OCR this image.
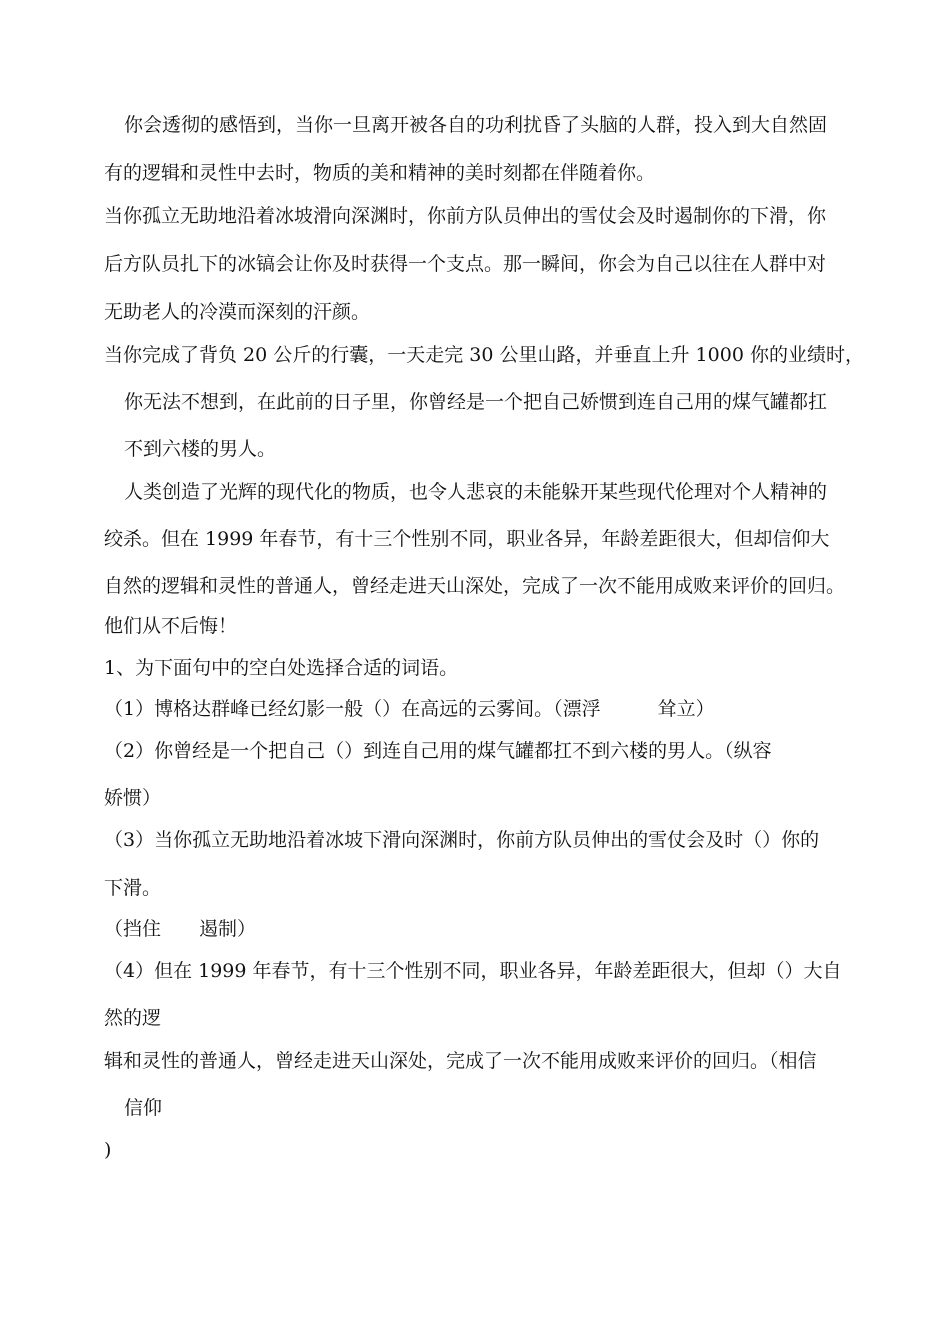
你会透彻的感悟到，当你一旦离开被各自的功利扰昏了头脑的人群，投入到大自然固
有的逻辑和灵性中去时，物质的美和精神的美时刻都在伴随着你。
当你孤立无助地沿着冰坡滑向深渊时，你前方队员伸出的雪仗会及时遏制你的下滑，你
后方队员扎下的冰镐会让你及时获得一个支点。那一瞬间，你会为自己以往在人群中对
无助老人的冷漠而深刻的汗颜。
当你完成了背负 20 公斤的行囊，一天走完 30 公里山路，并垂直上升 1000 你的业绩时，
你无法不想到，在此前的日子里，你曾经是一个把自己娇惯到连自己用的煤气罐都扛
不到六楼的男人。
人类创造了光辉的现代化的物质，也令人悲哀的未能躲开某些现代伦理对个人精神的
绞杀。但在 1999 年春节，有十三个性别不同，职业各异，年龄差距很大，但却信仰大
自然的逻辑和灵性的普通人，曾经走进天山深处，完成了一次不能用成败来评价的回归。
他们从不后悔！
1、为下面句中的空白处选择合适的词语。
（1）博格达群峰已经幻影一般（）在高远的云雾间。（漂浮　　　耸立）
（2）你曾经是一个把自己（）到连自己用的煤气罐都扛不到六楼的男人。（纵容
娇惯）
（3）当你孤立无助地沿着冰坡下滑向深渊时，你前方队员伸出的雪仗会及时（）你的
下滑。
（挡住　　遏制）
（4）但在 1999 年春节，有十三个性别不同，职业各异，年龄差距很大，但却（）大自
然的逻
辑和灵性的普通人，曾经走进天山深处，完成了一次不能用成败来评价的回归。（相信
信仰
)
